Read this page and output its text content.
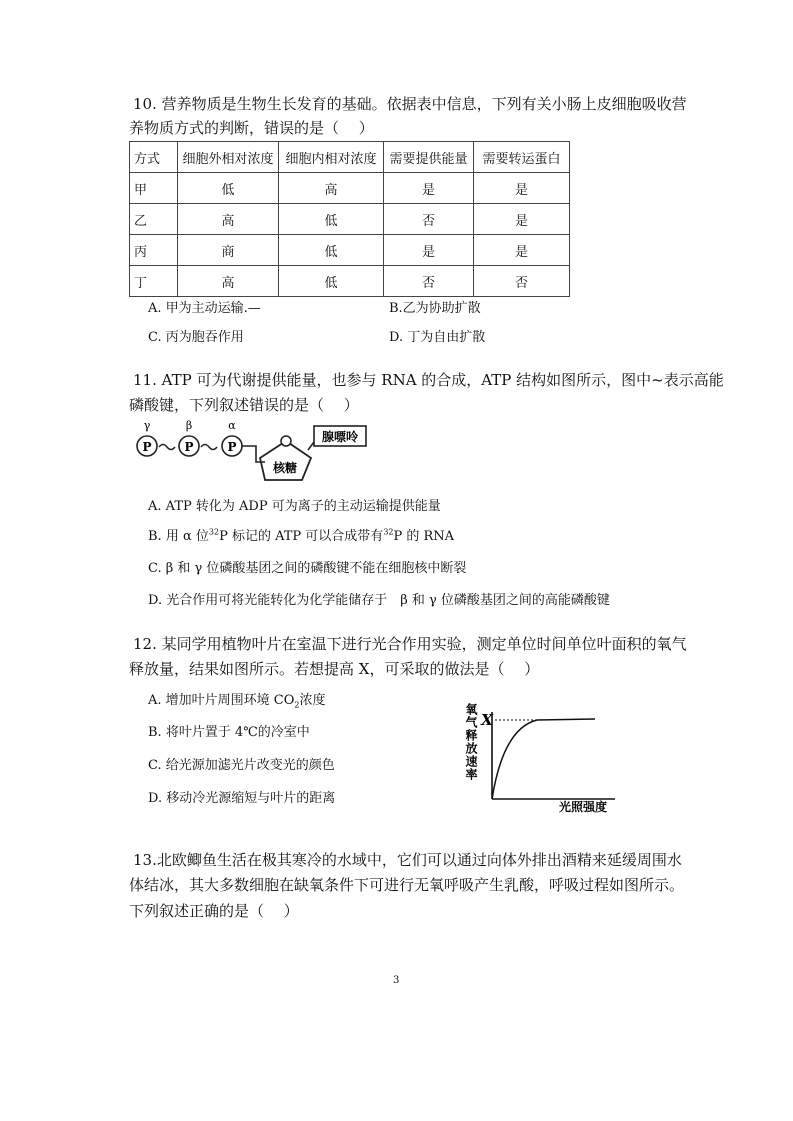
10. 营养物质是生物生长发育的基础。依据表中信息，下列有关小肠上皮细胞吸收营
养物质方式的判断，错误的是（　 ）
方式	细胞外相对浓度	细胞内相对浓度	需要提供能量	需要转运蛋白
甲	低	高	是	是
乙	高	低	否	是
丙	商	低	是	是
丁	高	低	否	否
A. 甲为主动运输.—	B.乙为协助扩散
C. 丙为胞吞作用	D. 丁为自由扩散
11. ATP 可为代谢提供能量，也参与 RNA 的合成，ATP 结构如图所示，图中~表示高能
磷酸键，下列叙述错误的是（　 ）
γ	β	α
P	P	P
核糖
腺嘌呤
A. ATP 转化为 ADP 可为离子的主动运输提供能量
B. 用 α 位$^{32}$P 标记的 ATP 可以合成带有$^{32}$P 的 RNA
C. β 和 γ 位磷酸基团之间的磷酸键不能在细胞核中断裂
D. 光合作用可将光能转化为化学能储存于　β 和 γ 位磷酸基团之间的高能磷酸键
12. 某同学用植物叶片在室温下进行光合作用实验，测定单位时间单位叶面积的氧气
释放量，结果如图所示。若想提高 X，可采取的做法是（　 ）
A. 增加叶片周围环境 $CO_2$浓度
B. 将叶片置于 4℃的冷室中
C. 给光源加滤光片改变光的颜色
D. 移动冷光源缩短与叶片的距离
氧气释放速率 X
光照强度
13.北欧鲫鱼生活在极其寒冷的水域中，它们可以通过向体外排出酒精来延缓周围水
体结冰，其大多数细胞在缺氧条件下可进行无氧呼吸产生乳酸，呼吸过程如图所示。
下列叙述正确的是（　 ）
3
